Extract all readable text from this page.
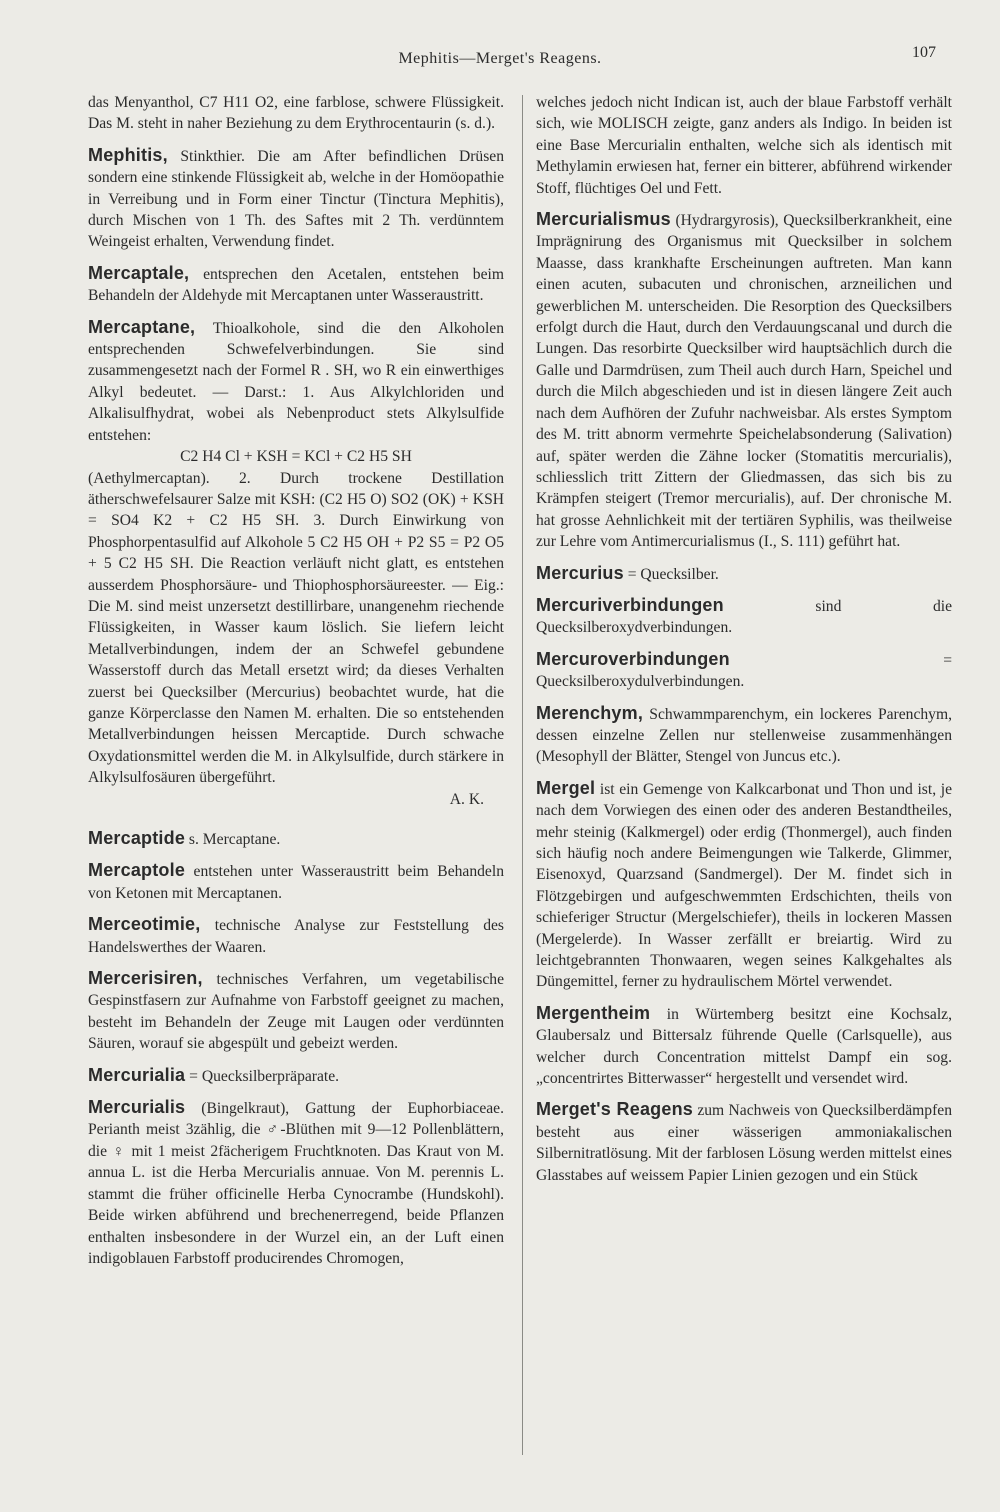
Mephitis—Merget's Reagens.	107

das Menyanthol, C7 H11 O2, eine farblose, schwere Flüssigkeit. Das M. steht in naher Beziehung zu dem Erythrocentaurin (s. d.).

Mephitis, Stinkthier. Die am After befindlichen Drüsen sondern eine stinkende Flüssigkeit ab, welche in der Homöopathie in Verreibung und in Form einer Tinctur (Tinctura Mephitis), durch Mischen von 1 Th. des Saftes mit 2 Th. verdünntem Weingeist erhalten, Verwendung findet.

Mercaptale, entsprechen den Acetalen, entstehen beim Behandeln der Aldehyde mit Mercaptanen unter Wasseraustritt.

Mercaptane, Thioalkohole, sind die den Alkoholen entsprechenden Schwefelverbindungen. Sie sind zusammengesetzt nach der Formel R . SH, wo R ein einwerthiges Alkyl bedeutet. — Darst.: 1. Aus Alkylchloriden und Alkalisulfhydrat, wobei als Nebenproduct stets Alkylsulfide entstehen:
C2 H4 Cl + KSH = KCl + C2 H5 SH
(Aethylmercaptan). 2. Durch trockene Destillation ätherschwefelsaurer Salze mit KSH: (C2 H5 O) SO2 (OK) + KSH = SO4 K2 + C2 H5 SH. 3. Durch Einwirkung von Phosphorpentasulfid auf Alkohole 5 C2 H5 OH + P2 S5 = P2 O5 + 5 C2 H5 SH. Die Reaction verläuft nicht glatt, es entstehen ausserdem Phosphorsäure- und Thiophosphorsäureester. — Eig.: Die M. sind meist unzersetzt destillirbare, unangenehm riechende Flüssigkeiten, in Wasser kaum löslich. Sie liefern leicht Metallverbindungen, indem der an Schwefel gebundene Wasserstoff durch das Metall ersetzt wird; da dieses Verhalten zuerst bei Quecksilber (Mercurius) beobachtet wurde, hat die ganze Körperclasse den Namen M. erhalten. Die so entstehenden Metallverbindungen heissen Mercaptide. Durch schwache Oxydationsmittel werden die M. in Alkylsulfide, durch stärkere in Alkylsulfosäuren übergeführt.
A. K.

Mercaptide s. Mercaptane.

Mercaptole entstehen unter Wasseraustritt beim Behandeln von Ketonen mit Mercaptanen.

Merceotimie, technische Analyse zur Feststellung des Handelswerthes der Waaren.

Mercerisiren, technisches Verfahren, um vegetabilische Gespinstfasern zur Aufnahme von Farbstoff geeignet zu machen, besteht im Behandeln der Zeuge mit Laugen oder verdünnten Säuren, worauf sie abgespült und gebeizt werden.

Mercurialia = Quecksilberpräparate.

Mercurialis (Bingelkraut), Gattung der Euphorbiaceae. Perianth meist 3zählig, die ♂-Blüthen mit 9—12 Pollenblättern, die ♀ mit 1 meist 2fächerigem Fruchtknoten. Das Kraut von M. annua L. ist die Herba Mercurialis annuae. Von M. perennis L. stammt die früher officinelle Herba Cynocrambe (Hundskohl). Beide wirken abführend und brechenerregend, beide Pflanzen enthalten insbesondere in der Wurzel ein, an der Luft einen indigoblauen Farbstoff producirendes Chromogen,

welches jedoch nicht Indican ist, auch der blaue Farbstoff verhält sich, wie MOLISCH zeigte, ganz anders als Indigo. In beiden ist eine Base Mercurialin enthalten, welche sich als identisch mit Methylamin erwiesen hat, ferner ein bitterer, abführend wirkender Stoff, flüchtiges Oel und Fett.

Mercurialismus (Hydrargyrosis), Quecksilberkrankheit, eine Imprägnirung des Organismus mit Quecksilber in solchem Maasse, dass krankhafte Erscheinungen auftreten. Man kann einen acuten, subacuten und chronischen, arzneilichen und gewerblichen M. unterscheiden. Die Resorption des Quecksilbers erfolgt durch die Haut, durch den Verdauungscanal und durch die Lungen. Das resorbirte Quecksilber wird hauptsächlich durch die Galle und Darmdrüsen, zum Theil auch durch Harn, Speichel und durch die Milch abgeschieden und ist in diesen längere Zeit auch nach dem Aufhören der Zufuhr nachweisbar. Als erstes Symptom des M. tritt abnorm vermehrte Speichelabsonderung (Salivation) auf, später werden die Zähne locker (Stomatitis mercurialis), schliesslich tritt Zittern der Gliedmassen, das sich bis zu Krämpfen steigert (Tremor mercurialis), auf. Der chronische M. hat grosse Aehnlichkeit mit der tertiären Syphilis, was theilweise zur Lehre vom Antimercurialismus (I., S. 111) geführt hat.

Mercurius = Quecksilber.

Mercuriverbindungen sind die Quecksilberoxydverbindungen.

Mercuroverbindungen = Quecksilberoxydulverbindungen.

Merenchym, Schwammparenchym, ein lockeres Parenchym, dessen einzelne Zellen nur stellenweise zusammenhängen (Mesophyll der Blätter, Stengel von Juncus etc.).

Mergel ist ein Gemenge von Kalkcarbonat und Thon und ist, je nach dem Vorwiegen des einen oder des anderen Bestandtheiles, mehr steinig (Kalkmergel) oder erdig (Thonmergel), auch finden sich häufig noch andere Beimengungen wie Talkerde, Glimmer, Eisenoxyd, Quarzsand (Sandmergel). Der M. findet sich in Flötzgebirgen und aufgeschwemmten Erdschichten, theils von schieferiger Structur (Mergelschiefer), theils in lockeren Massen (Mergelerde). In Wasser zerfällt er breiartig. Wird zu leichtgebrannten Thonwaaren, wegen seines Kalkgehaltes als Düngemittel, ferner zu hydraulischem Mörtel verwendet.

Mergentheim in Würtemberg besitzt eine Kochsalz, Glaubersalz und Bittersalz führende Quelle (Carlsquelle), aus welcher durch Concentration mittelst Dampf ein sog. „concentrirtes Bitterwasser“ hergestellt und versendet wird.

Merget's Reagens zum Nachweis von Quecksilberdämpfen besteht aus einer wässerigen ammoniakalischen Silbernitratlösung. Mit der farblosen Lösung werden mittelst eines Glasstabes auf weissem Papier Linien gezogen und ein Stück
